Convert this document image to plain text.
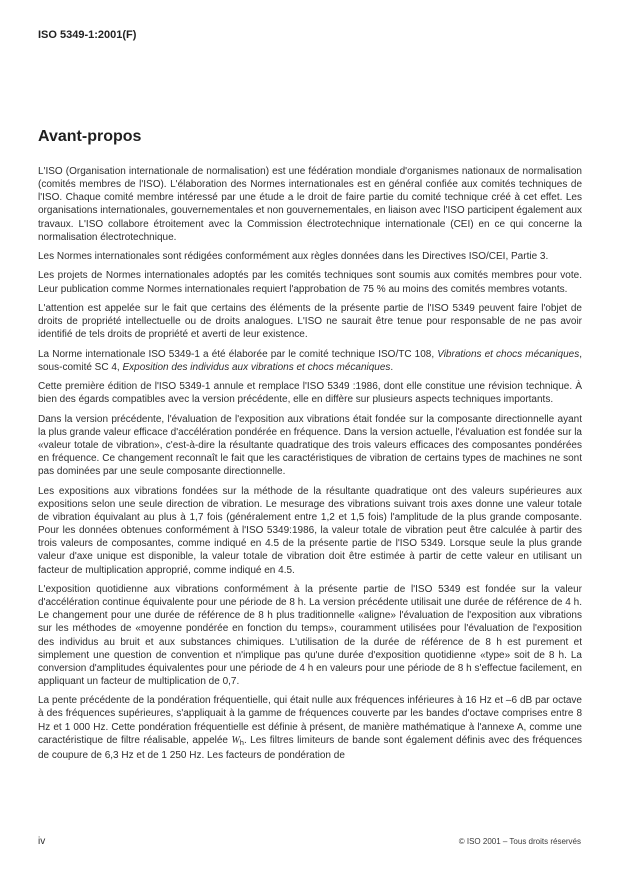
ISO 5349-1:2001(F)
Avant-propos

L'ISO (Organisation internationale de normalisation) est une fédération mondiale d'organismes nationaux de normalisation (comités membres de l'ISO). L'élaboration des Normes internationales est en général confiée aux comités techniques de l'ISO. Chaque comité membre intéressé par une étude a le droit de faire partie du comité technique créé à cet effet. Les organisations internationales, gouvernementales et non gouvernementales, en liaison avec l'ISO participent également aux travaux. L'ISO collabore étroitement avec la Commission électrotechnique internationale (CEI) en ce qui concerne la normalisation électrotechnique.

Les Normes internationales sont rédigées conformément aux règles données dans les Directives ISO/CEI, Partie 3.

Les projets de Normes internationales adoptés par les comités techniques sont soumis aux comités membres pour vote. Leur publication comme Normes internationales requiert l'approbation de 75 % au moins des comités membres votants.

L'attention est appelée sur le fait que certains des éléments de la présente partie de l'ISO 5349 peuvent faire l'objet de droits de propriété intellectuelle ou de droits analogues. L'ISO ne saurait être tenue pour responsable de ne pas avoir identifié de tels droits de propriété et averti de leur existence.

La Norme internationale ISO 5349-1 a été élaborée par le comité technique ISO/TC 108, Vibrations et chocs mécaniques, sous-comité SC 4, Exposition des individus aux vibrations et chocs mécaniques.

Cette première édition de l'ISO 5349-1 annule et remplace l'ISO 5349 :1986, dont elle constitue une révision technique. À bien des égards compatibles avec la version précédente, elle en diffère sur plusieurs aspects techniques importants.

Dans la version précédente, l'évaluation de l'exposition aux vibrations était fondée sur la composante directionnelle ayant la plus grande valeur efficace d'accélération pondérée en fréquence. Dans la version actuelle, l'évaluation est fondée sur la «valeur totale de vibration», c'est-à-dire la résultante quadratique des trois valeurs efficaces des composantes pondérées en fréquence. Ce changement reconnaît le fait que les caractéristiques de vibration de certains types de machines ne sont pas dominées par une seule composante directionnelle.

Les expositions aux vibrations fondées sur la méthode de la résultante quadratique ont des valeurs supérieures aux expositions selon une seule direction de vibration. Le mesurage des vibrations suivant trois axes donne une valeur totale de vibration équivalant au plus à 1,7 fois (généralement entre 1,2 et 1,5 fois) l'amplitude de la plus grande composante. Pour les données obtenues conformément à l'ISO 5349:1986, la valeur totale de vibration peut être calculée à partir des trois valeurs de composantes, comme indiqué en 4.5 de la présente partie de l'ISO 5349. Lorsque seule la plus grande valeur d'axe unique est disponible, la valeur totale de vibration doit être estimée à partir de cette valeur en utilisant un facteur de multiplication approprié, comme indiqué en 4.5.

L'exposition quotidienne aux vibrations conformément à la présente partie de l'ISO 5349 est fondée sur la valeur d'accélération continue équivalente pour une période de 8 h. La version précédente utilisait une durée de référence de 4 h. Le changement pour une durée de référence de 8 h plus traditionnelle «aligne» l'évaluation de l'exposition aux vibrations sur les méthodes de «moyenne pondérée en fonction du temps», couramment utilisées pour l'évaluation de l'exposition des individus au bruit et aux substances chimiques. L'utilisation de la durée de référence de 8 h est purement et simplement une question de convention et n'implique pas qu'une durée d'exposition quotidienne «type» soit de 8 h. La conversion d'amplitudes équivalentes pour une période de 4 h en valeurs pour une période de 8 h s'effectue facilement, en appliquant un facteur de multiplication de 0,7.

La pente précédente de la pondération fréquentielle, qui était nulle aux fréquences inférieures à 16 Hz et –6 dB par octave à des fréquences supérieures, s'appliquait à la gamme de fréquences couverte par les bandes d'octave comprises entre 8 Hz et 1 000 Hz. Cette pondération fréquentielle est définie à présent, de manière mathématique à l'annexe A, comme une caractéristique de filtre réalisable, appelée $W_h$. Les filtres limiteurs de bande sont également définis avec des fréquences de coupure de 6,3 Hz et de 1 250 Hz. Les facteurs de pondération de

iv	© ISO 2001 – Tous droits réservés
